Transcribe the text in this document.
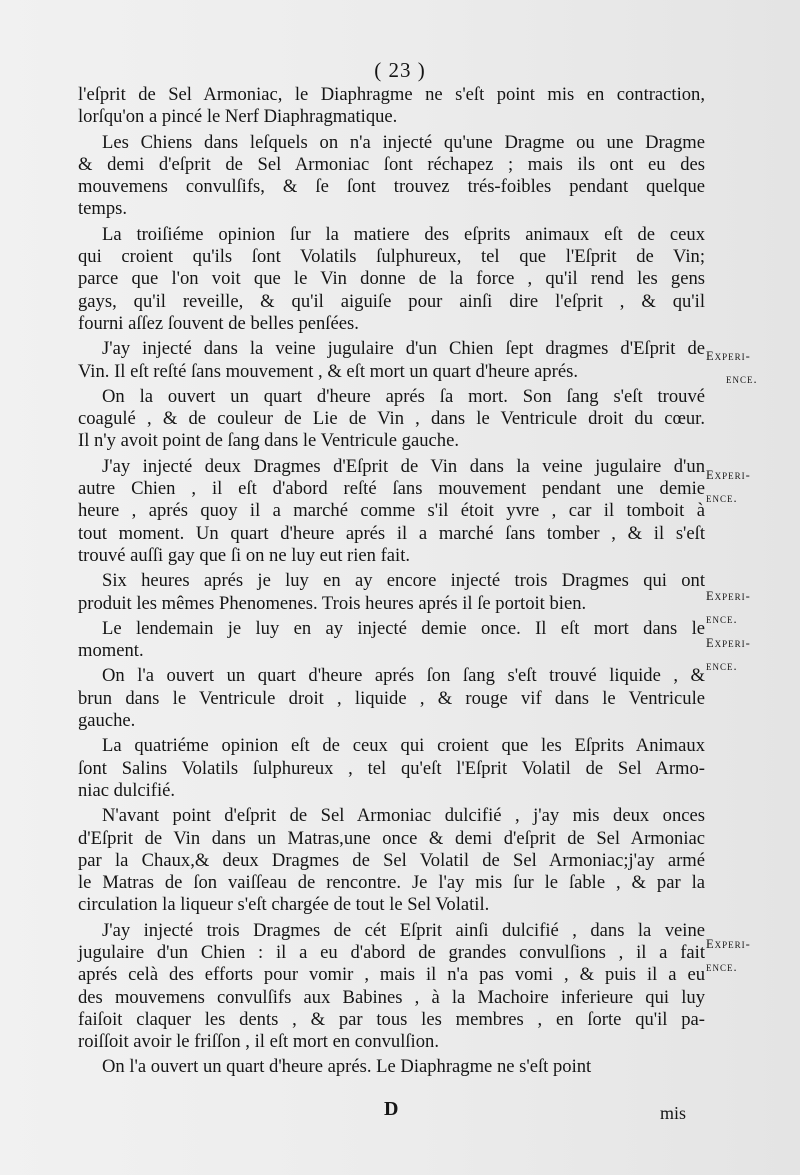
( 23 )
l'eſprit de Sel Armoniac, le Diaphragme ne s'eſt point mis en contraction,
lorſqu'on a pincé le Nerf Diaphragmatique.
Les Chiens dans leſquels on n'a injecté qu'une Dragme ou une Dragme
& demi d'eſprit de Sel Armoniac ſont réchapez ; mais ils ont eu des
mouvemens convulſifs, & ſe ſont trouvez trés-foibles pendant quelque
temps.
La troiſiéme opinion ſur la matiere des eſprits animaux eſt de ceux
qui croient qu'ils ſont Volatils ſulphureux, tel que l'Eſprit de Vin;
parce que l'on voit que le Vin donne de la force , qu'il rend les gens
gays, qu'il reveille, & qu'il aiguiſe pour ainſi dire l'eſprit , & qu'il
fourni aſſez ſouvent de belles penſées.
J'ay injecté dans la veine jugulaire d'un Chien ſept dragmes d'Eſprit de
Vin. Il eſt reſté ſans mouvement , & eſt mort un quart d'heure aprés.
On la ouvert un quart d'heure aprés ſa mort. Son ſang s'eſt trouvé
coagulé , & de couleur de Lie de Vin , dans le Ventricule droit du cœur.
Il n'y avoit point de ſang dans le Ventricule gauche.
J'ay injecté deux Dragmes d'Eſprit de Vin dans la veine jugulaire d'un
autre Chien , il eſt d'abord reſté ſans mouvement pendant une demie
heure , aprés quoy il a marché comme s'il étoit yvre , car il tomboit à
tout moment. Un quart d'heure aprés il a marché ſans tomber , & il s'eſt
trouvé auſſi gay que ſi on ne luy eut rien fait.
Six heures aprés je luy en ay encore injecté trois Dragmes qui ont
produit les mêmes Phenomenes. Trois heures aprés il ſe portoit bien.
Le lendemain je luy en ay injecté demie once. Il eſt mort dans le
moment.
On l'a ouvert un quart d'heure aprés ſon ſang s'eſt trouvé liquide , &
brun dans le Ventricule droit , liquide , & rouge vif dans le Ventricule
gauche.
La quatriéme opinion eſt de ceux qui croient que les Eſprits Animaux
ſont Salins Volatils ſulphureux , tel qu'eſt l'Eſprit Volatil de Sel Armo-
niac dulcifié.
N'avant point d'eſprit de Sel Armoniac dulcifié , j'ay mis deux onces
d'Eſprit de Vin dans un Matras,une once & demi d'eſprit de Sel Armoniac
par la Chaux,& deux Dragmes de Sel Volatil de Sel Armoniac;j'ay armé
le Matras de ſon vaiſſeau de rencontre. Je l'ay mis ſur le ſable , & par la
circulation la liqueur s'eſt chargée de tout le Sel Volatil.
J'ay injecté trois Dragmes de cét Eſprit ainſi dulcifié , dans la veine
jugulaire d'un Chien : il a eu d'abord de grandes convulſions , il a fait
aprés celà des efforts pour vomir , mais il n'a pas vomi , & puis il a eu
des mouvemens convulſifs aux Babines , à la Machoire inferieure qui luy
faiſoit claquer les dents , & par tous les membres , en ſorte qu'il pa-
roiſſoit avoir le friſſon , il eſt mort en convulſion.
On l'a ouvert un quart d'heure aprés. Le Diaphragme ne s'eſt point
Experi-
ence.
Experi-
ence.
Experi-
ence.
Experi-
ence.
Experi-
ence.
D	mis
